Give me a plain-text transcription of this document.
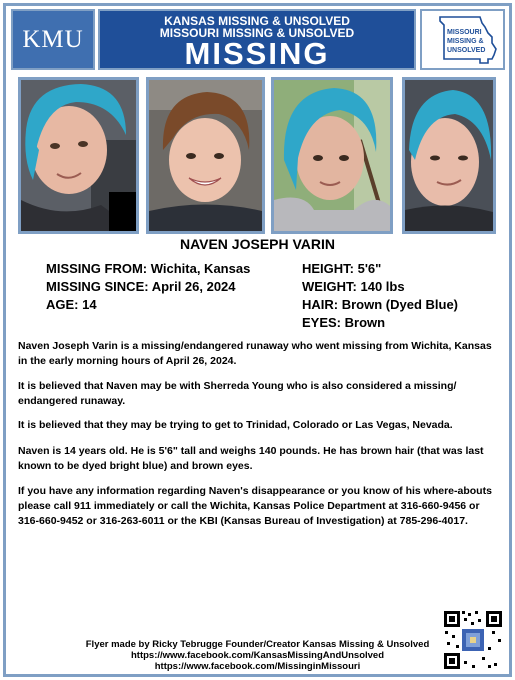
KMU
KANSAS MISSING & UNSOLVED
MISSOURI MISSING & UNSOLVED
MISSING
MISSOURI
MISSING &
UNSOLVED
NAVEN JOSEPH VARIN
MISSING FROM: Wichita, Kansas
MISSING SINCE: April 26, 2024
AGE: 14
HEIGHT: 5'6"
WEIGHT: 140 lbs
HAIR: Brown (Dyed Blue)
EYES: Brown
Naven Joseph Varin is a missing/endangered runaway who went missing from Wichita, Kansas in the early morning hours of April 26, 2024.
It is believed that Naven may be with Sherreda Young who is also considered a missing/ endangered runaway.
It is believed that they may be trying to get to Trinidad, Colorado or Las Vegas, Nevada.
Naven is 14 years old. He is 5'6" tall and weighs 140 pounds. He has brown hair (that was last known to be dyed bright blue) and brown eyes.
If you have any information regarding Naven's disappearance or you know of his where-abouts please call 911 immediately or call the Wichita, Kansas Police Department at 316-660-9456 or 316-660-9452 or 316-263-6011 or the KBI (Kansas Bureau of Investigation) at 785-296-4017.
Flyer made by Ricky Tebrugge Founder/Creator Kansas Missing & Unsolved
https://www.facebook.com/KansasMissingAndUnsolved
https://www.facebook.com/MissinginMissouri
